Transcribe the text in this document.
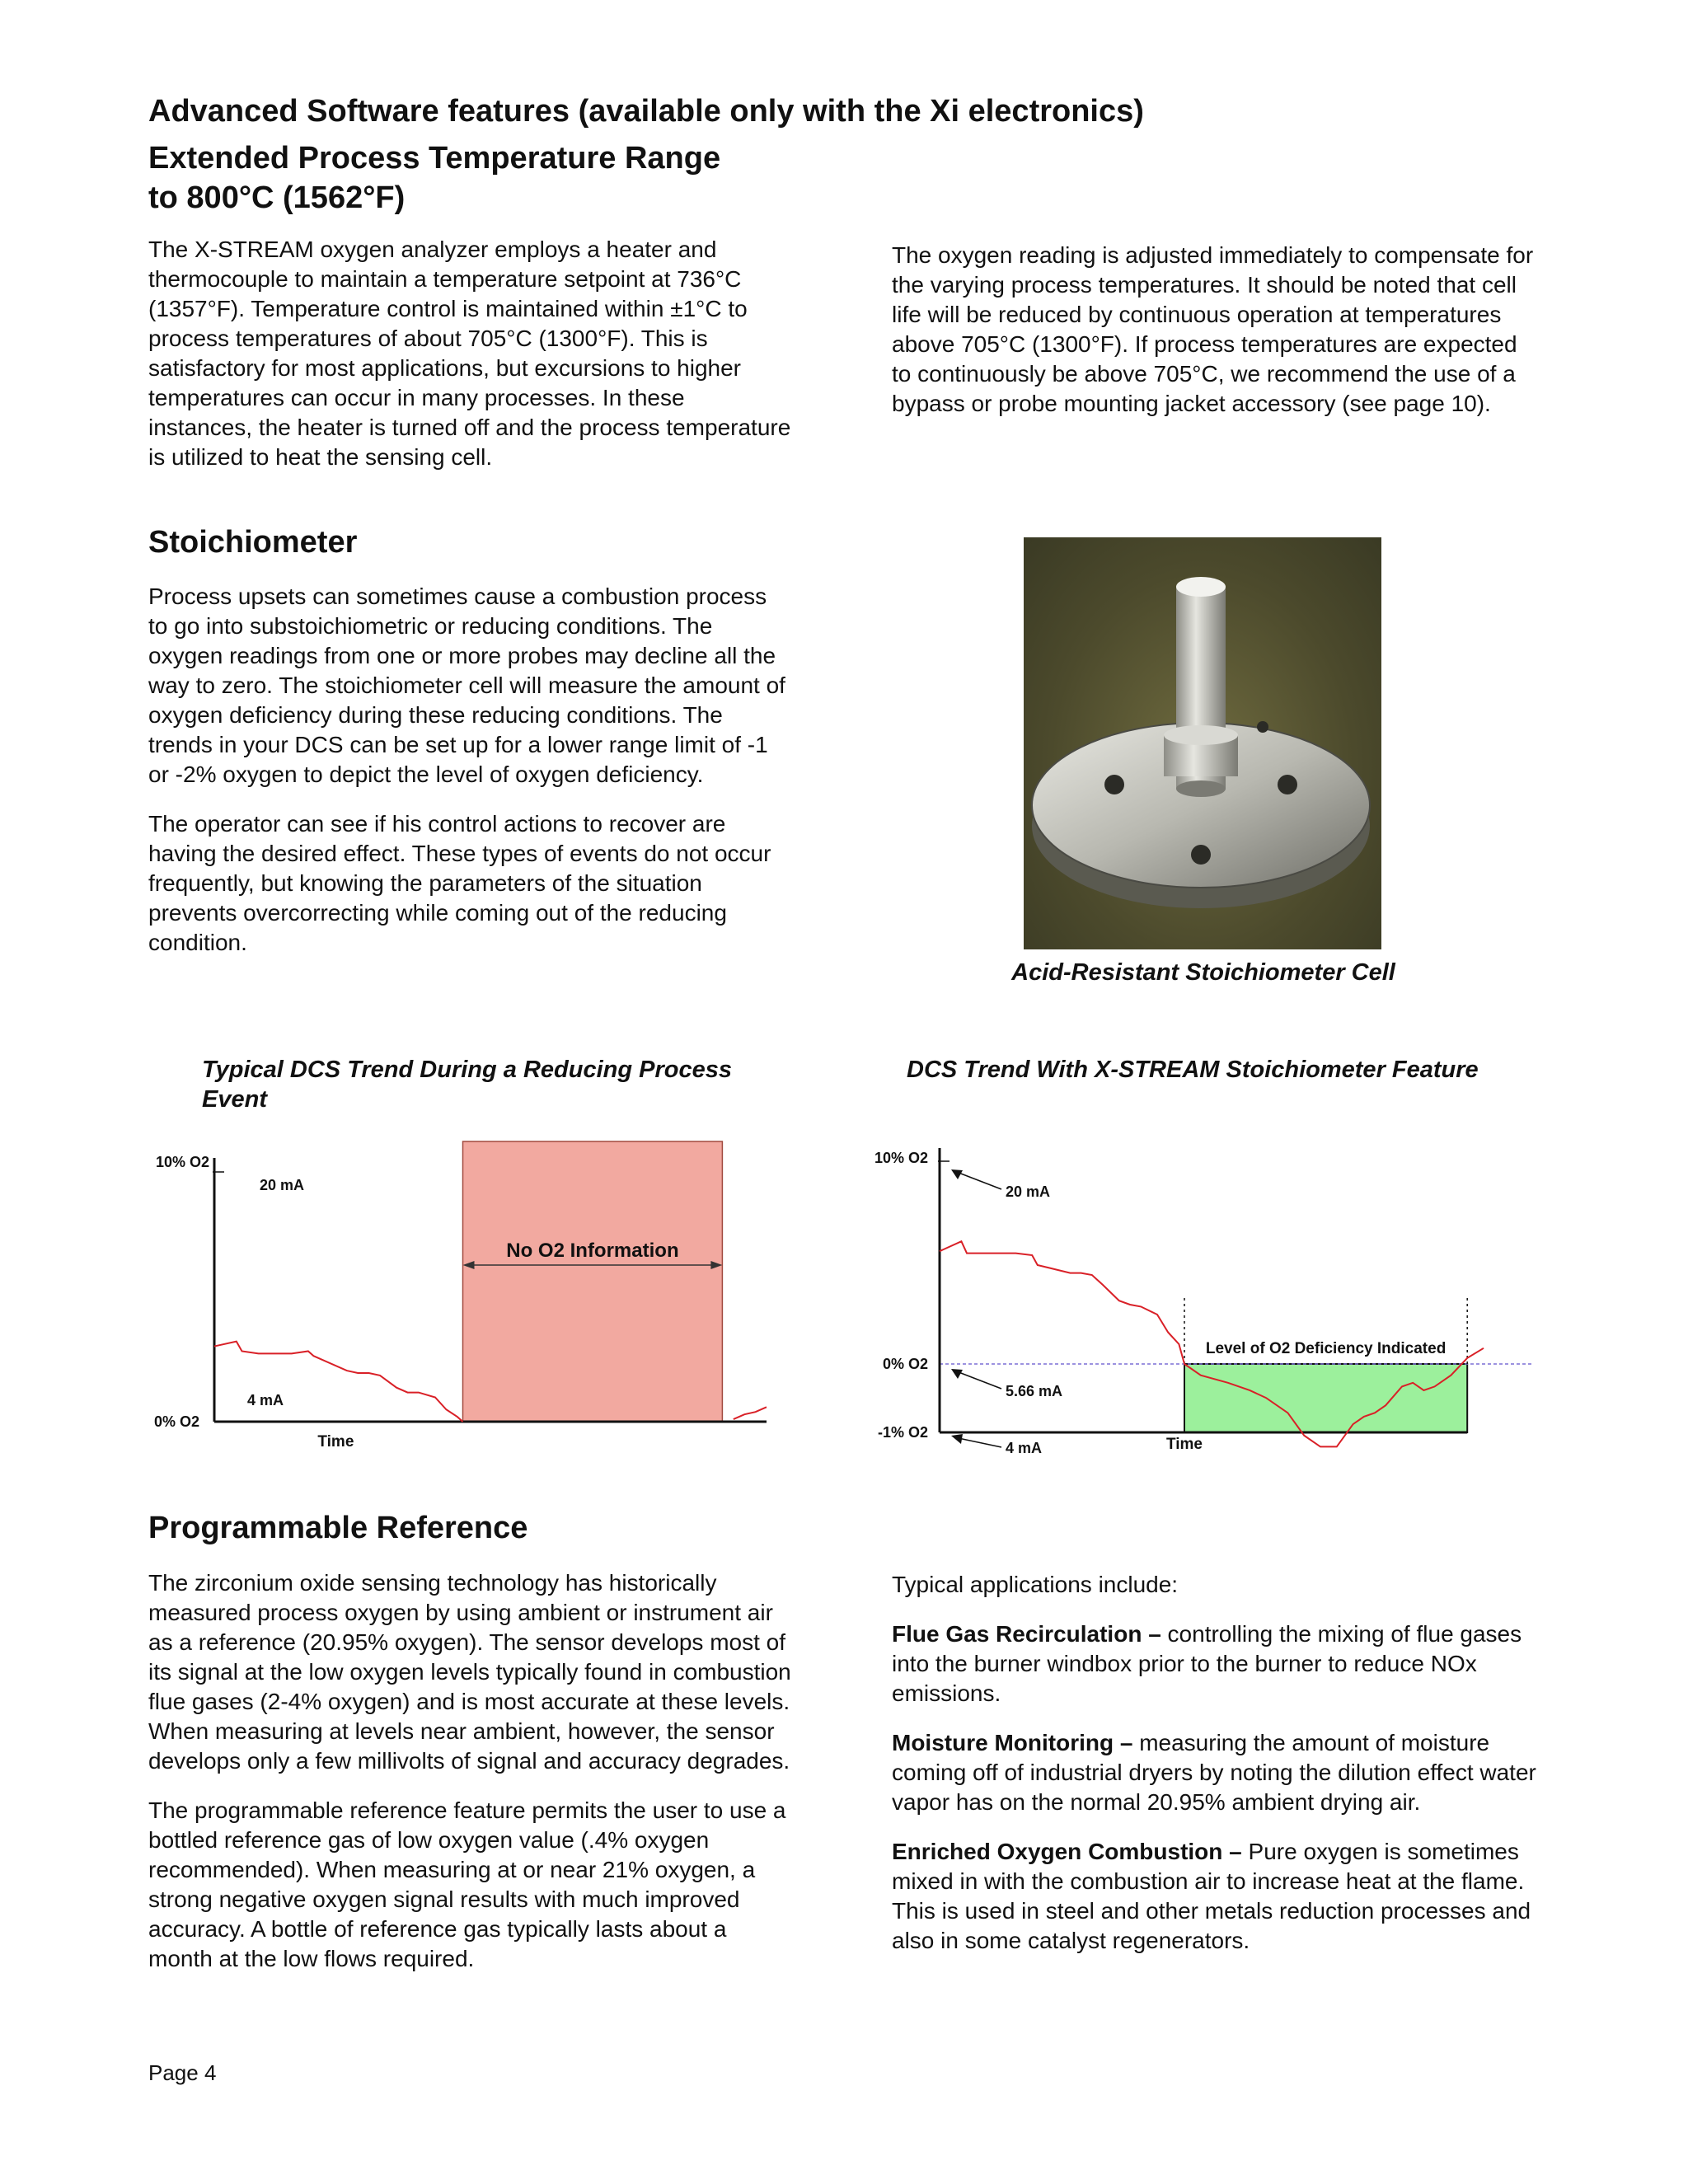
Advanced Software features (available only with the Xi electronics)
Extended Process Temperature Range
to 800°C (1562°F)

The X-STREAM oxygen analyzer employs a heater and thermocouple to maintain a temperature setpoint at 736°C (1357°F). Temperature control is maintained within ±1°C to process temperatures of about 705°C (1300°F). This is satisfactory for most applications, but excursions to higher temperatures can occur in many processes. In these instances, the heater is turned off and the process temperature is utilized to heat the sensing cell.

The oxygen reading is adjusted immediately to compensate for the varying process temperatures. It should be noted that cell life will be reduced by continuous operation at temperatures above 705°C (1300°F). If process temperatures are expected to continuously be above 705°C, we recommend the use of a bypass or probe mounting jacket accessory (see page 10).

Stoichiometer

Process upsets can sometimes cause a combustion process to go into substoichiometric or reducing conditions. The oxygen readings from one or more probes may decline all the way to zero. The stoichiometer cell will measure the amount of oxygen deficiency during these reducing conditions. The trends in your DCS can be set up for a lower range limit of -1 or -2% oxygen to depict the level of oxygen deficiency.

The operator can see if his control actions to recover are having the desired effect. These types of events do not occur frequently, but knowing the parameters of the situation prevents overcorrecting while coming out of the reducing condition.

Acid-Resistant Stoichiometer Cell
Typical DCS Trend During a Reducing Process Event
No O2 Information
10% O2
0% O2
20 mA
4 mA
Time
DCS Trend With X-STREAM Stoichiometer Feature
Level of O2 Deficiency Indicated
10% O2
0% O2
-1% O2
20 mA
5.66 mA
4 mA	Time
Programmable Reference

The zirconium oxide sensing technology has historically measured process oxygen by using ambient or instrument air as a reference (20.95% oxygen). The sensor develops most of its signal at the low oxygen levels typically found in combustion flue gases (2-4% oxygen) and is most accurate at these levels. When measuring at levels near ambient, however, the sensor develops only a few millivolts of signal and accuracy degrades.

The programmable reference feature permits the user to use a bottled reference gas of low oxygen value (.4% oxygen recommended). When measuring at or near 21% oxygen, a strong negative oxygen signal results with much improved accuracy. A bottle of reference gas typically lasts about a month at the low flows required.

Typical applications include:

Flue Gas Recirculation – controlling the mixing of flue gases into the burner windbox prior to the burner to reduce NOx emissions.

Moisture Monitoring – measuring the amount of moisture coming off of industrial dryers by noting the dilution effect water vapor has on the normal 20.95% ambient drying air.

Enriched Oxygen Combustion – Pure oxygen is sometimes mixed in with the combustion air to increase heat at the flame. This is used in steel and other metals reduction processes and also in some catalyst regenerators.

Page 4
